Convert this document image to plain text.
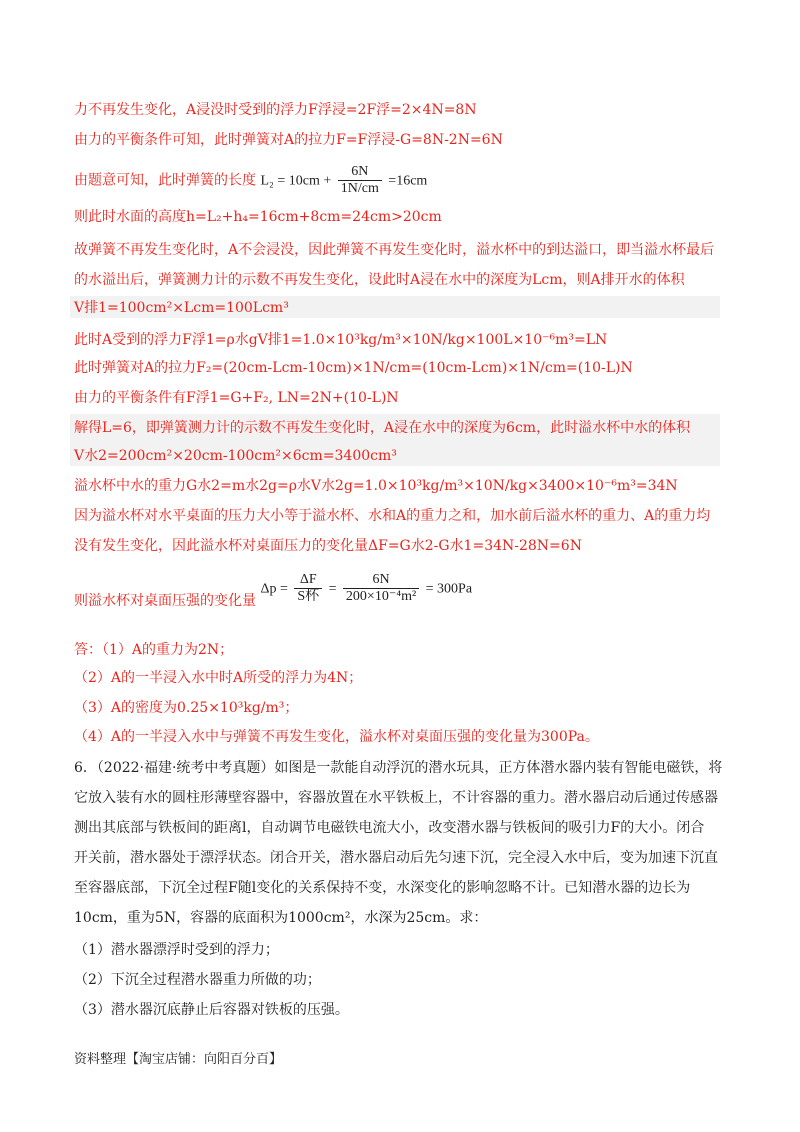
力不再发生变化，A浸没时受到的浮力F浮浸=2F浮=2×4N=8N
由力的平衡条件可知，此时弹簧对A的拉力F=F浮浸-G=8N-2N=6N
由题意可知，此时弹簧的长度 $L_2 = 10cm + \frac{6N}{1N/cm} =16cm$
则此时水面的高度h=L₂+h₄=16cm+8cm=24cm>20cm
故弹簧不再发生变化时，A不会浸没，因此弹簧不再发生变化时，溢水杯中的到达溢口，即当溢水杯最后
的水溢出后，弹簧测力计的示数不再发生变化，设此时A浸在水中的深度为Lcm，则A排开水的体积
V排1=100cm²×Lcm=100Lcm³
此时A受到的浮力F浮1=ρ水gV排1=1.0×10³kg/m³×10N/kg×100L×10⁻⁶m³=LN
此时弹簧对A的拉力F₂=(20cm-Lcm-10cm)×1N/cm=(10cm-Lcm)×1N/cm=(10-L)N
由力的平衡条件有F浮1=G+F₂, LN=2N+(10-L)N
解得L=6，即弹簧测力计的示数不再发生变化时，A浸在水中的深度为6cm，此时溢水杯中水的体积
V水2=200cm²×20cm-100cm²×6cm=3400cm³
溢水杯中水的重力G水2=m水2g=ρ水V水2g=1.0×10³kg/m³×10N/kg×3400×10⁻⁶m³=34N
因为溢水杯对水平桌面的压力大小等于溢水杯、水和A的重力之和，加水前后溢水杯的重力、A的重力均
没有发生变化，因此溢水杯对桌面压力的变化量ΔF=G水2-G水1=34N-28N=6N
则溢水杯对桌面压强的变化量 $\Delta p = \frac{\Delta F}{\text{S杯}} = \frac{6N}{\text{200×10⁻⁴m²}} = 300Pa$
答：（1）A的重力为2N；
（2）A的一半浸入水中时A所受的浮力为4N；
（3）A的密度为0.25×10³kg/m³；
（4）A的一半浸入水中与弹簧不再发生变化，溢水杯对桌面压强的变化量为300Pa。
6．（2022·福建·统考中考真题）如图是一款能自动浮沉的潜水玩具，正方体潜水器内装有智能电磁铁，将
它放入装有水的圆柱形薄壁容器中，容器放置在水平铁板上，不计容器的重力。潜水器启动后通过传感器
测出其底部与铁板间的距离l，自动调节电磁铁电流大小，改变潜水器与铁板间的吸引力F的大小。闭合
开关前，潜水器处于漂浮状态。闭合开关，潜水器启动后先匀速下沉，完全浸入水中后，变为加速下沉直
至容器底部，下沉全过程F随l变化的关系保持不变，水深变化的影响忽略不计。已知潜水器的边长为
10cm，重为5N，容器的底面积为1000cm²，水深为25cm。求：
（1）潜水器漂浮时受到的浮力；
（2）下沉全过程潜水器重力所做的功；
（3）潜水器沉底静止后容器对铁板的压强。
资料整理【淘宝店铺：向阳百分百】
